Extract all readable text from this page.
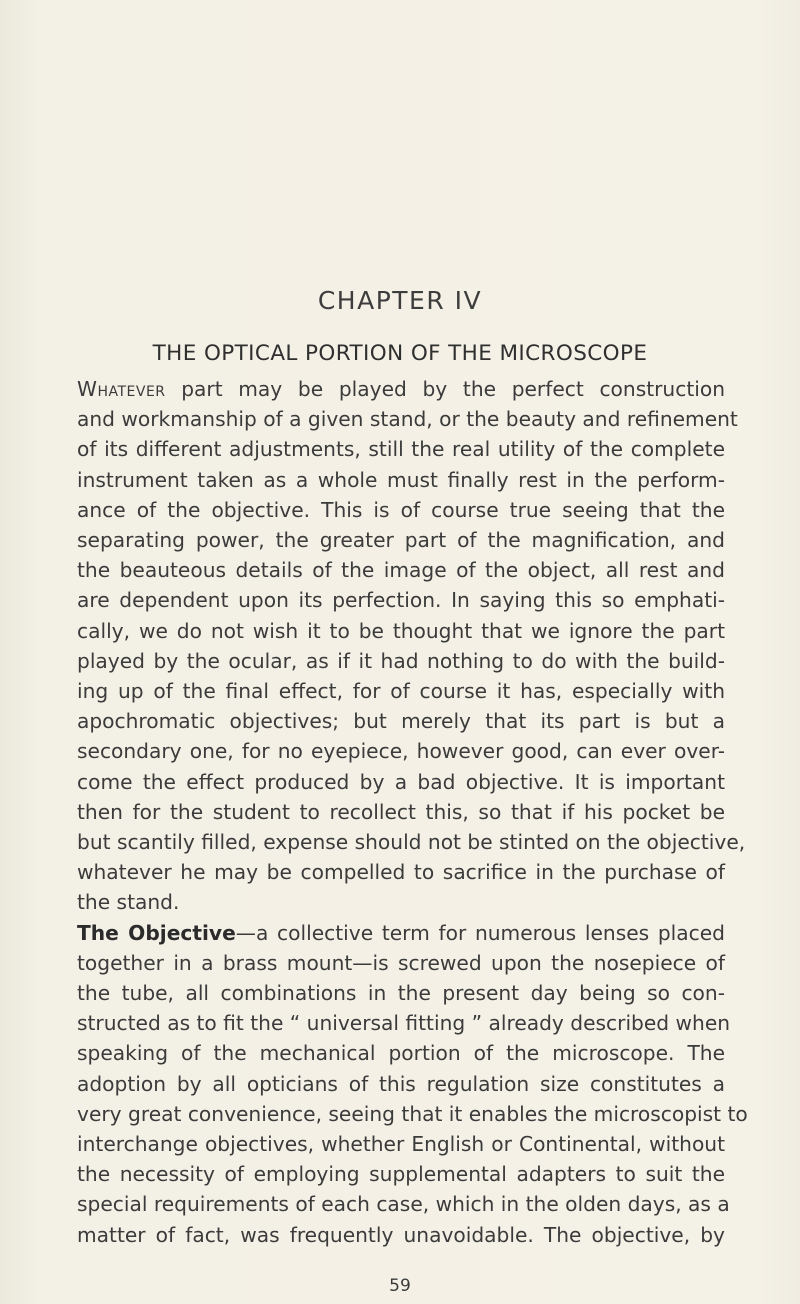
CHAPTER IV
THE OPTICAL PORTION OF THE MICROSCOPE
Whatever part may be played by the perfect construction
and workmanship of a given stand, or the beauty and refinement
of its different adjustments, still the real utility of the complete
instrument taken as a whole must finally rest in the perform-
ance of the objective. This is of course true seeing that the
separating power, the greater part of the magnification, and
the beauteous details of the image of the object, all rest and
are dependent upon its perfection. In saying this so emphati-
cally, we do not wish it to be thought that we ignore the part
played by the ocular, as if it had nothing to do with the build-
ing up of the final effect, for of course it has, especially with
apochromatic objectives; but merely that its part is but a
secondary one, for no eyepiece, however good, can ever over-
come the effect produced by a bad objective. It is important
then for the student to recollect this, so that if his pocket be
but scantily filled, expense should not be stinted on the objective,
whatever he may be compelled to sacrifice in the purchase of
the stand.
The Objective—a collective term for numerous lenses placed
together in a brass mount—is screwed upon the nosepiece of
the tube, all combinations in the present day being so con-
structed as to fit the “ universal fitting ” already described when
speaking of the mechanical portion of the microscope. The
adoption by all opticians of this regulation size constitutes a
very great convenience, seeing that it enables the microscopist to
interchange objectives, whether English or Continental, without
the necessity of employing supplemental adapters to suit the
special requirements of each case, which in the olden days, as a
matter of fact, was frequently unavoidable. The objective, by
59
